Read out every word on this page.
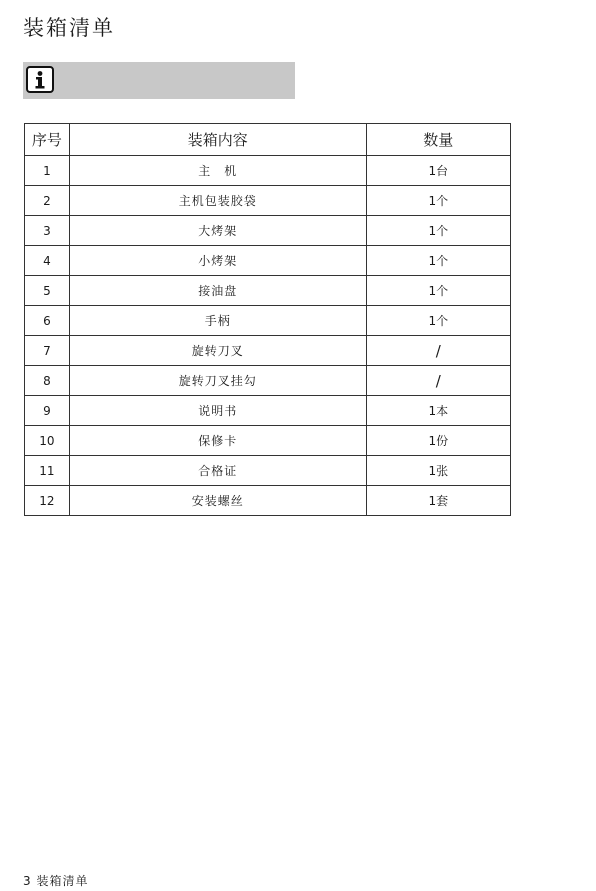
装箱清单
序号	装箱内容	数量
1	主　机	1台
2	主机包装胶袋	1个
3	大烤架	1个
4	小烤架	1个
5	接油盘	1个
6	手柄	1个
7	旋转刀叉	/
8	旋转刀叉挂勾	/
9	说明书	1本
10	保修卡	1份
11	合格证	1张
12	安装螺丝	1套
3 装箱清单
